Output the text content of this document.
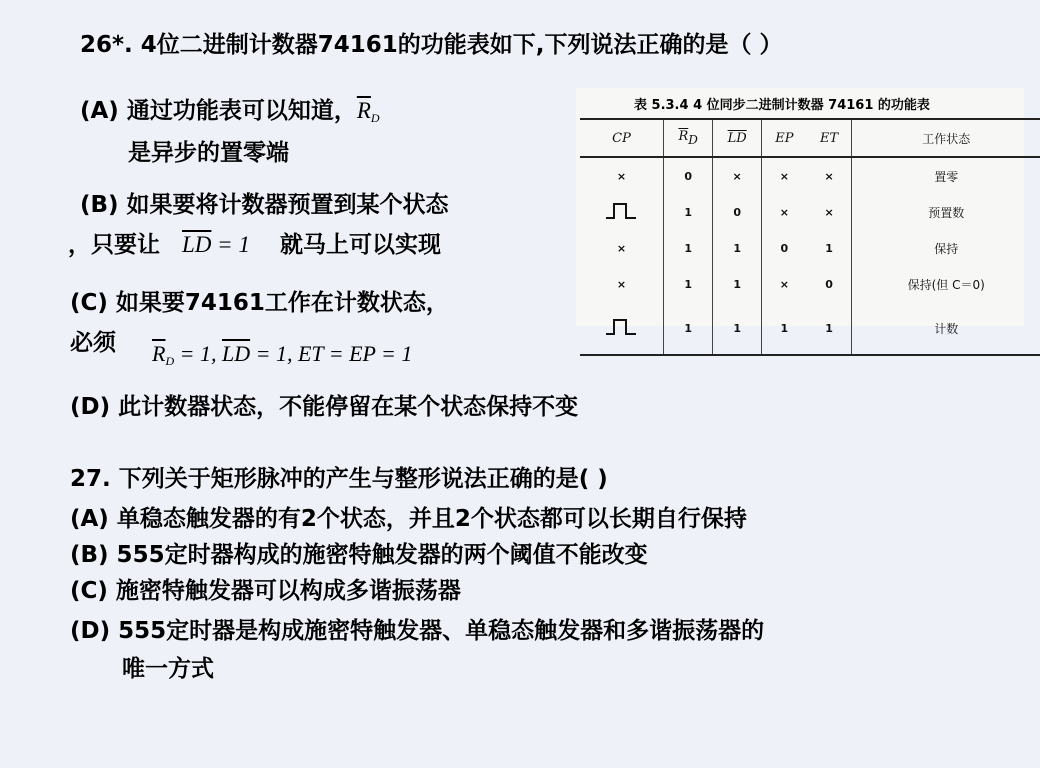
26*. 4位二进制计数器74161的功能表如下,下列说法正确的是（ ）
(A) 通过功能表可以知道，$\overline{R}_D$
是异步的置零端
(B) 如果要将计数器预置到某个状态
，只要让 $\overline{LD} = 1$ 就马上可以实现
(C) 如果要74161工作在计数状态，
必须 $\overline{R}_D = 1$, $\overline{LD} = 1$, ET = EP = 1
(D) 此计数器状态，不能停留在某个状态保持不变
表 5.3.4 4 位同步二进制计数器 74161 的功能表
CP	$\overline{R}D$	$\overline{LD}$	EP	ET	工作状态
×	0	×	×	×	置零
	1	0	×	×	预置数
×	1	1	0	1	保持
×	1	1	×	0	保持(但 C＝0)
	1	1	1	1	计数
27. 下列关于矩形脉冲的产生与整形说法正确的是( )
(A) 单稳态触发器的有2个状态，并且2个状态都可以长期自行保持
(B) 555定时器构成的施密特触发器的两个阈值不能改变
(C) 施密特触发器可以构成多谐振荡器
(D) 555定时器是构成施密特触发器、单稳态触发器和多谐振荡器的
唯一方式
